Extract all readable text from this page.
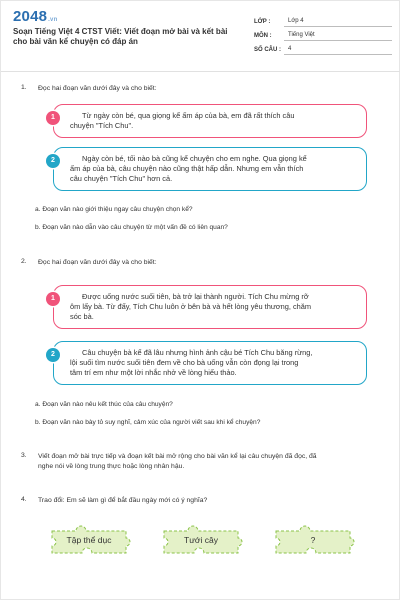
2048.vn
Soạn Tiếng Việt 4 CTST Viết: Viết đoạn mở bài và kết bài
cho bài văn kể chuyện có đáp án
LỚP :	Lớp 4
MÔN :	Tiếng Việt
SỐ CÂU :	4
1.	Đọc hai đoạn văn dưới đây và cho biết:
1	Từ ngày còn bé, qua giọng kể ấm áp của bà, em đã rất thích câu

chuyện "Tích Chu".
2	Ngày còn bé, tối nào bà cũng kể chuyện cho em nghe. Qua giọng kể

ấm áp của bà, câu chuyện nào cũng thật hấp dẫn. Nhưng em vẫn thích
câu chuyện "Tích Chu" hơn cả.
a. Đoạn văn nào giới thiệu ngay câu chuyện chọn kể?
b. Đoạn văn nào dẫn vào câu chuyện từ một vấn đề có liên quan?
2.	Đọc hai đoạn văn dưới đây và cho biết:
1	Được uống nước suối tiên, bà trở lại thành người. Tích Chu mừng rỡ

ôm lấy bà. Từ đấy, Tích Chu luôn ở bên bà và hết lòng yêu thương, chăm
sóc bà.
2	Câu chuyện bà kể đã lâu nhưng hình ảnh cậu bé Tích Chu băng rừng,

lội suối tìm nước suối tiên đem về cho bà uống vẫn còn đọng lại trong
tâm trí em như một lời nhắc nhở về lòng hiếu thảo.
a. Đoạn văn nào nêu kết thúc của câu chuyện?
b. Đoạn văn nào bày tỏ suy nghĩ, cảm xúc của người viết sau khi kể chuyện?
3.	Viết đoạn mở bài trực tiếp và đoạn kết bài mở rộng cho bài văn kể lại câu chuyện đã đọc, đã
nghe nói về lòng trung thực hoặc lòng nhân hậu.
4.	Trao đổi: Em sẽ làm gì để bắt đầu ngày mới có ý nghĩa?
Tập thể dục	Tưới cây	?
